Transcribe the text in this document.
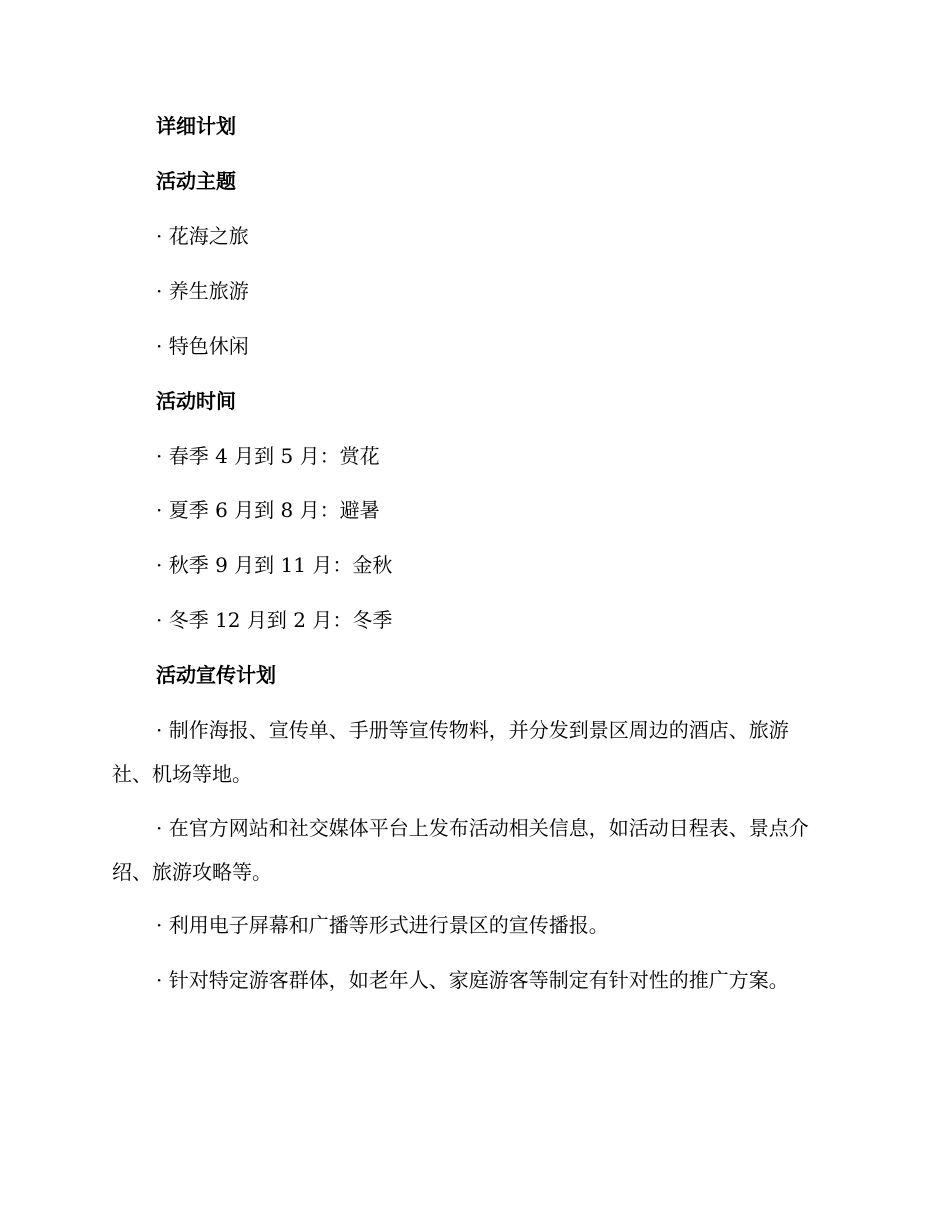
详细计划
活动主题
· 花海之旅
· 养生旅游
· 特色休闲
活动时间
· 春季 4 月到 5 月：赏花
· 夏季 6 月到 8 月：避暑
· 秋季 9 月到 11 月：金秋
· 冬季 12 月到 2 月：冬季
活动宣传计划
· 制作海报、宣传单、手册等宣传物料，并分发到景区周边的酒店、旅游社、机场等地。
· 在官方网站和社交媒体平台上发布活动相关信息，如活动日程表、景点介绍、旅游攻略等。
· 利用电子屏幕和广播等形式进行景区的宣传播报。
· 针对特定游客群体，如老年人、家庭游客等制定有针对性的推广方案。
